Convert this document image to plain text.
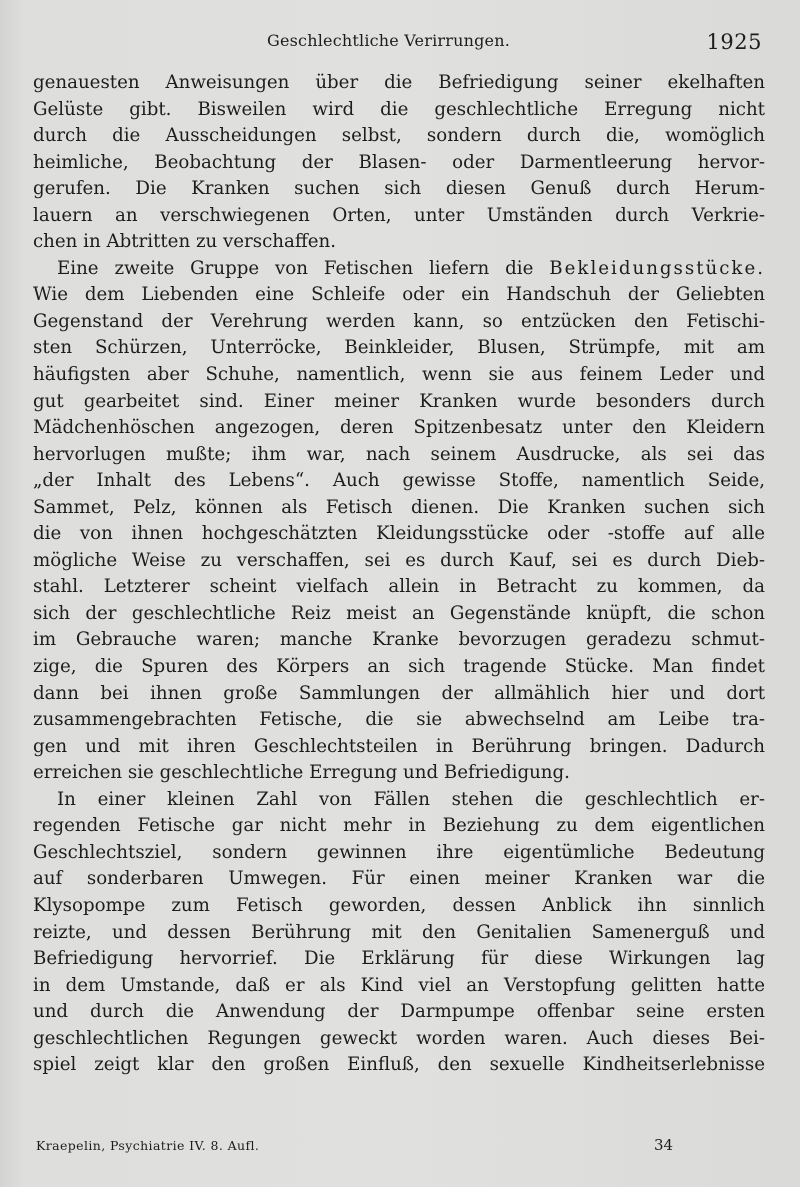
Geschlechtliche Verirrungen.	1925
genauesten Anweisungen über die Befriedigung seiner ekelhaften
Gelüste gibt. Bisweilen wird die geschlechtliche Erregung nicht
durch die Ausscheidungen selbst, sondern durch die, womöglich
heimliche, Beobachtung der Blasen- oder Darmentleerung hervor-
gerufen. Die Kranken suchen sich diesen Genuß durch Herum-
lauern an verschwiegenen Orten, unter Umständen durch Verkrie-
chen in Abtritten zu verschaffen.
Eine zweite Gruppe von Fetischen liefern die Bekleidungsstücke.
Wie dem Liebenden eine Schleife oder ein Handschuh der Geliebten
Gegenstand der Verehrung werden kann, so entzücken den Fetischi-
sten Schürzen, Unterröcke, Beinkleider, Blusen, Strümpfe, mit am
häufigsten aber Schuhe, namentlich, wenn sie aus feinem Leder und
gut gearbeitet sind. Einer meiner Kranken wurde besonders durch
Mädchenhöschen angezogen, deren Spitzenbesatz unter den Kleidern
hervorlugen mußte; ihm war, nach seinem Ausdrucke, als sei das
„der Inhalt des Lebens“. Auch gewisse Stoffe, namentlich Seide,
Sammet, Pelz, können als Fetisch dienen. Die Kranken suchen sich
die von ihnen hochgeschätzten Kleidungsstücke oder -stoffe auf alle
mögliche Weise zu verschaffen, sei es durch Kauf, sei es durch Dieb-
stahl. Letzterer scheint vielfach allein in Betracht zu kommen, da
sich der geschlechtliche Reiz meist an Gegenstände knüpft, die schon
im Gebrauche waren; manche Kranke bevorzugen geradezu schmut-
zige, die Spuren des Körpers an sich tragende Stücke. Man findet
dann bei ihnen große Sammlungen der allmählich hier und dort
zusammengebrachten Fetische, die sie abwechselnd am Leibe tra-
gen und mit ihren Geschlechtsteilen in Berührung bringen. Dadurch
erreichen sie geschlechtliche Erregung und Befriedigung.
In einer kleinen Zahl von Fällen stehen die geschlechtlich er-
regenden Fetische gar nicht mehr in Beziehung zu dem eigentlichen
Geschlechtsziel, sondern gewinnen ihre eigentümliche Bedeutung
auf sonderbaren Umwegen. Für einen meiner Kranken war die
Klysopompe zum Fetisch geworden, dessen Anblick ihn sinnlich
reizte, und dessen Berührung mit den Genitalien Samenerguß und
Befriedigung hervorrief. Die Erklärung für diese Wirkungen lag
in dem Umstande, daß er als Kind viel an Verstopfung gelitten hatte
und durch die Anwendung der Darmpumpe offenbar seine ersten
geschlechtlichen Regungen geweckt worden waren. Auch dieses Bei-
spiel zeigt klar den großen Einfluß, den sexuelle Kindheitserlebnisse
Kraepelin, Psychiatrie IV. 8. Aufl.	34
